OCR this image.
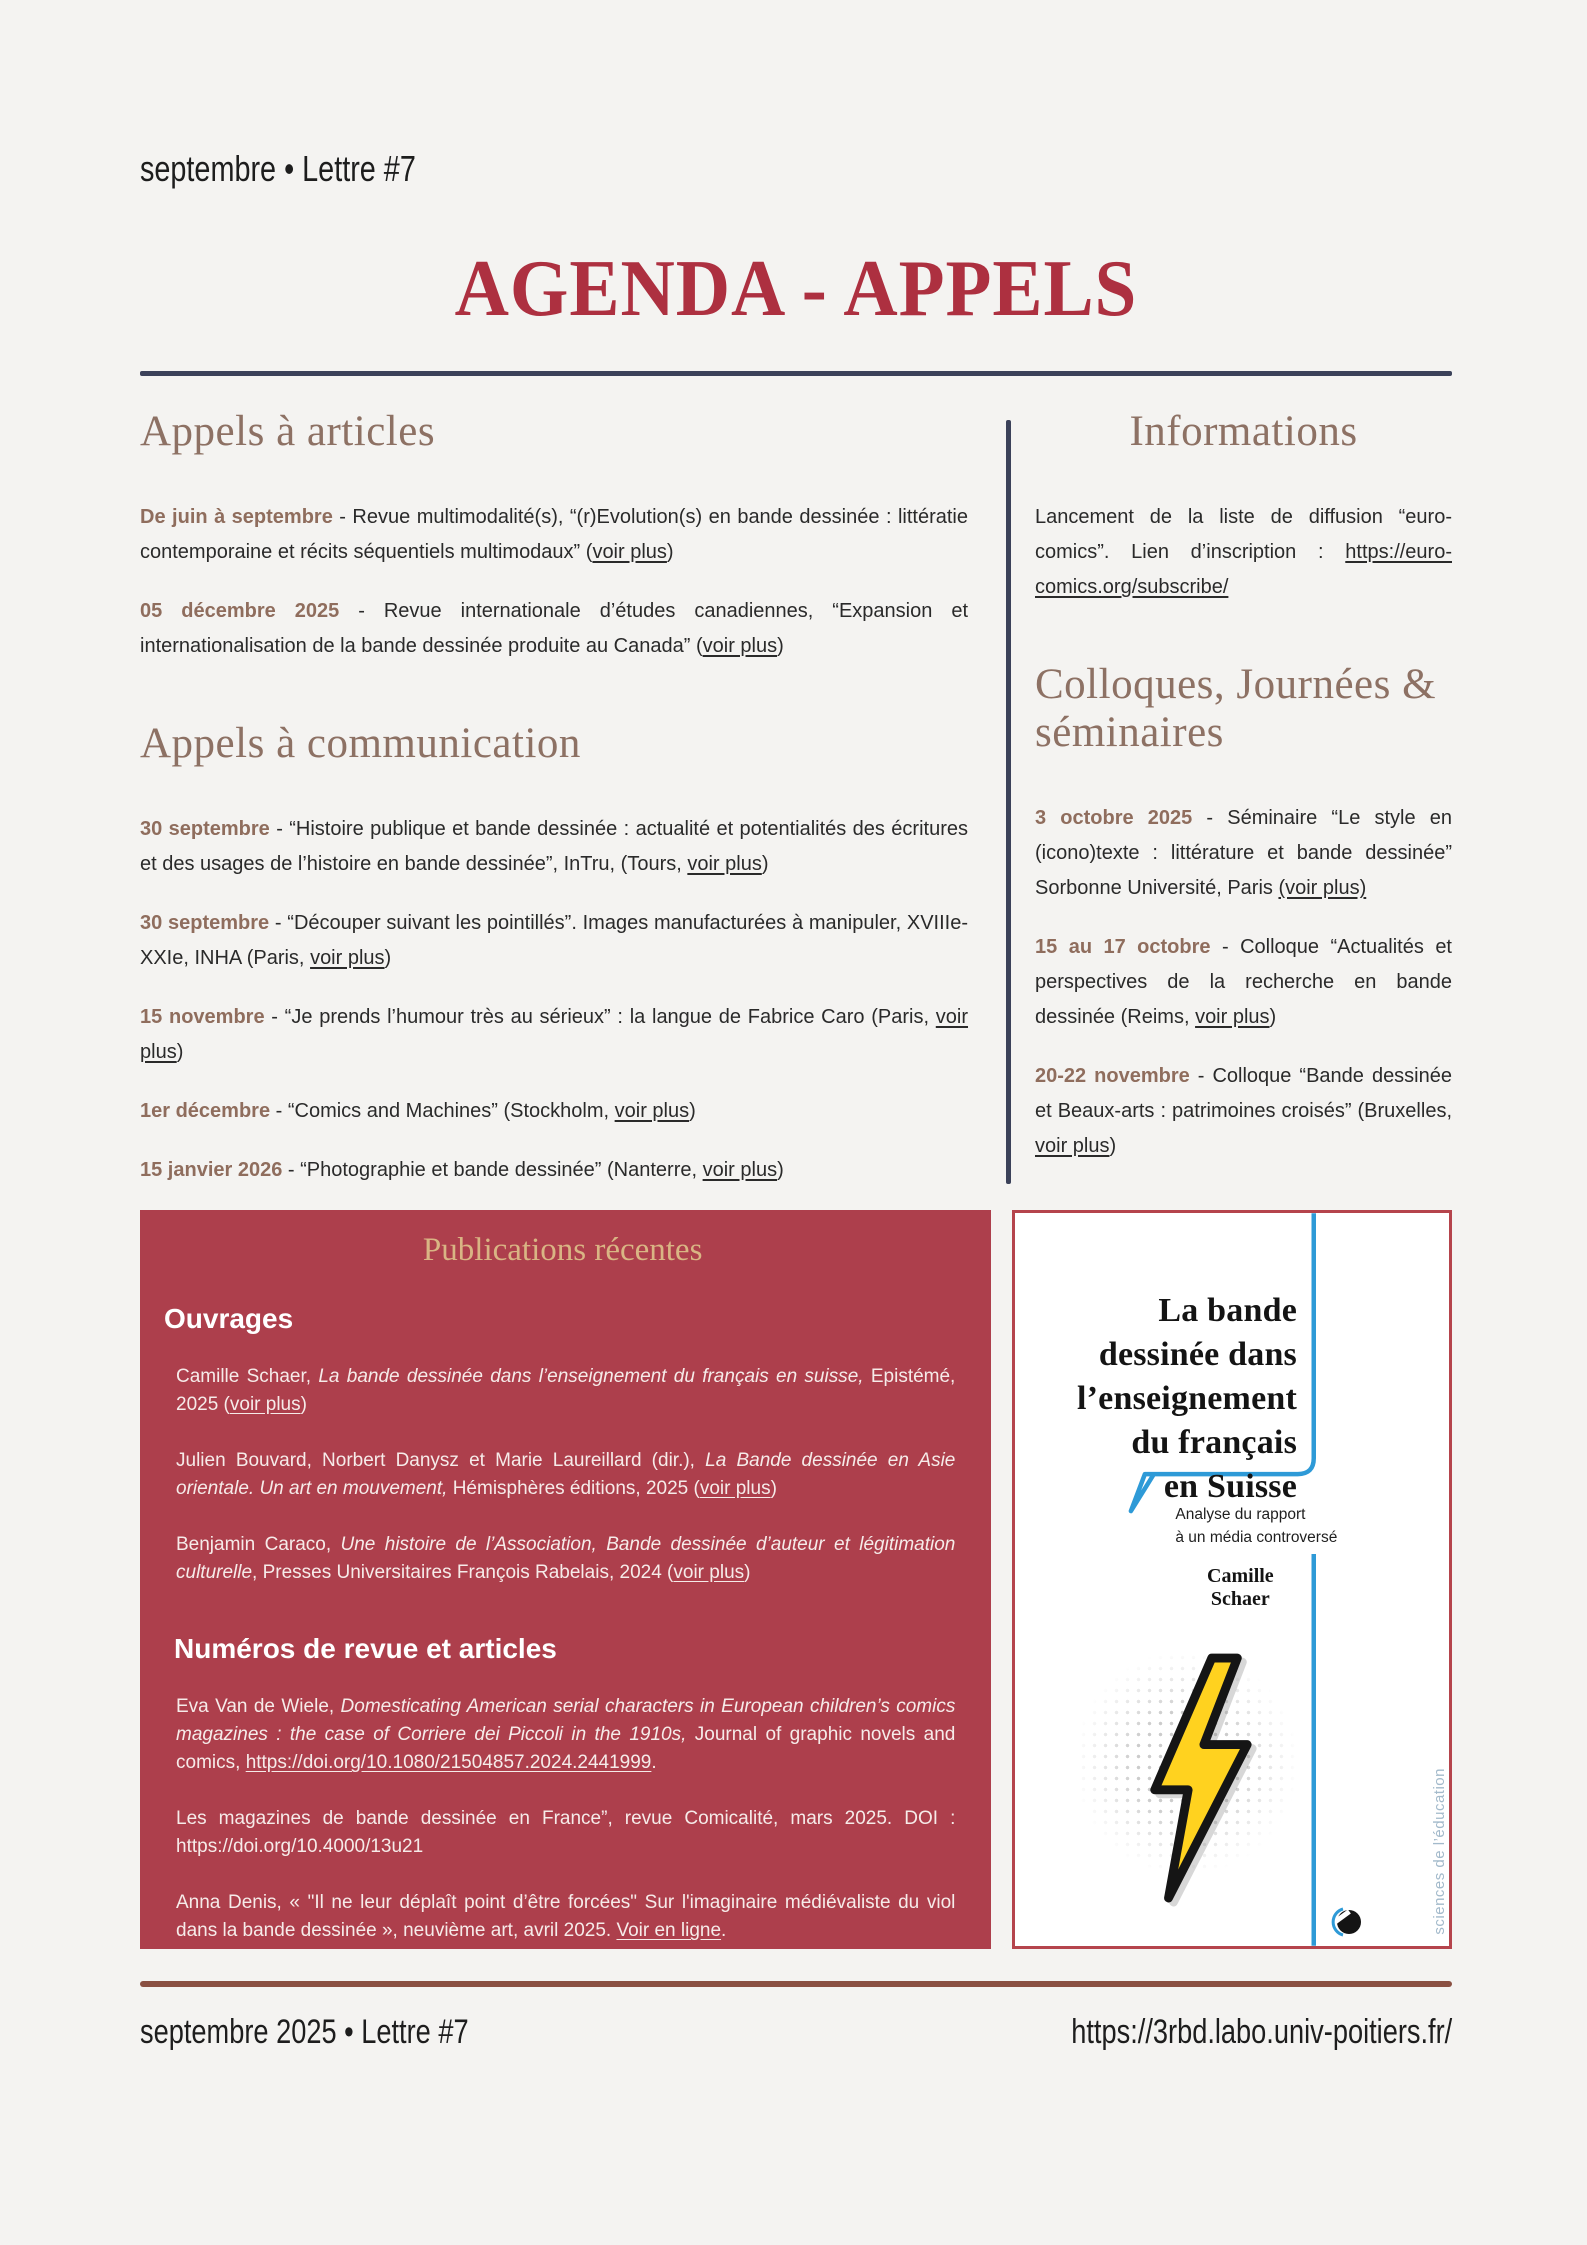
septembre • Lettre #7
AGENDA - APPELS
Appels à articles

De juin à septembre - Revue multimodalité(s), “(r)Evolution(s) en bande dessinée : littératie contemporaine et récits séquentiels multimodaux” (voir plus)

05 décembre 2025 - Revue internationale d’études canadiennes, “Expansion et internationalisation de la bande dessinée produite au Canada” (voir plus)

Appels à communication

30 septembre - “Histoire publique et bande dessinée : actualité et potentialités des écritures et des usages de l’histoire en bande dessinée”, InTru, (Tours, voir plus)

30 septembre - “Découper suivant les pointillés”. Images manufacturées à manipuler, XVIIIe-XXIe, INHA (Paris, voir plus)

15 novembre - “Je prends l’humour très au sérieux” : la langue de Fabrice Caro (Paris, voir plus)

1er décembre - “Comics and Machines” (Stockholm, voir plus)

15 janvier 2026 - “Photographie et bande dessinée” (Nanterre, voir plus)

Informations

Lancement de la liste de diffusion “euro-comics”. Lien d’inscription : https://euro-comics.org/subscribe/

Colloques, Journées & séminaires

3 octobre 2025 - Séminaire “Le style en (icono)texte : littérature et bande dessinée” Sorbonne Université, Paris (voir plus)

15 au 17 octobre - Colloque “Actualités et perspectives de la recherche en bande dessinée (Reims, voir plus)

20-22 novembre - Colloque “Bande dessinée et Beaux-arts : patrimoines croisés” (Bruxelles, voir plus)

Publications récentes
Ouvrages

Camille Schaer, La bande dessinée dans l’enseignement du français en suisse, Epistémé, 2025 (voir plus)

Julien Bouvard, Norbert Danysz et Marie Laureillard (dir.), La Bande dessinée en Asie orientale. Un art en mouvement, Hémisphères éditions, 2025 (voir plus)

Benjamin Caraco, Une histoire de l’Association, Bande dessinée d’auteur et légitimation culturelle, Presses Universitaires François Rabelais, 2024 (voir plus)

Numéros de revue et articles

Eva Van de Wiele, Domesticating American serial characters in European children’s comics magazines : the case of Corriere dei Piccoli in the 1910s, Journal of graphic novels and comics, https://doi.org/10.1080/21504857.2024.2441999.

Les magazines de bande dessinée en France”, revue Comicalité, mars 2025. DOI : https://doi.org/10.4000/13u21

Anna Denis, « "Il ne leur déplaît point d’être forcées" Sur l'imaginaire médiévaliste du viol dans la bande dessinée », neuvième art, avril 2025. Voir en ligne.

La bande
dessinée dans
l’enseignement
du français
en Suisse
Analyse du rapport
à un média controversé
Camille Schaer
sciences de l’éducation
septembre 2025 • Lettre #7	https://3rbd.labo.univ-poitiers.fr/
